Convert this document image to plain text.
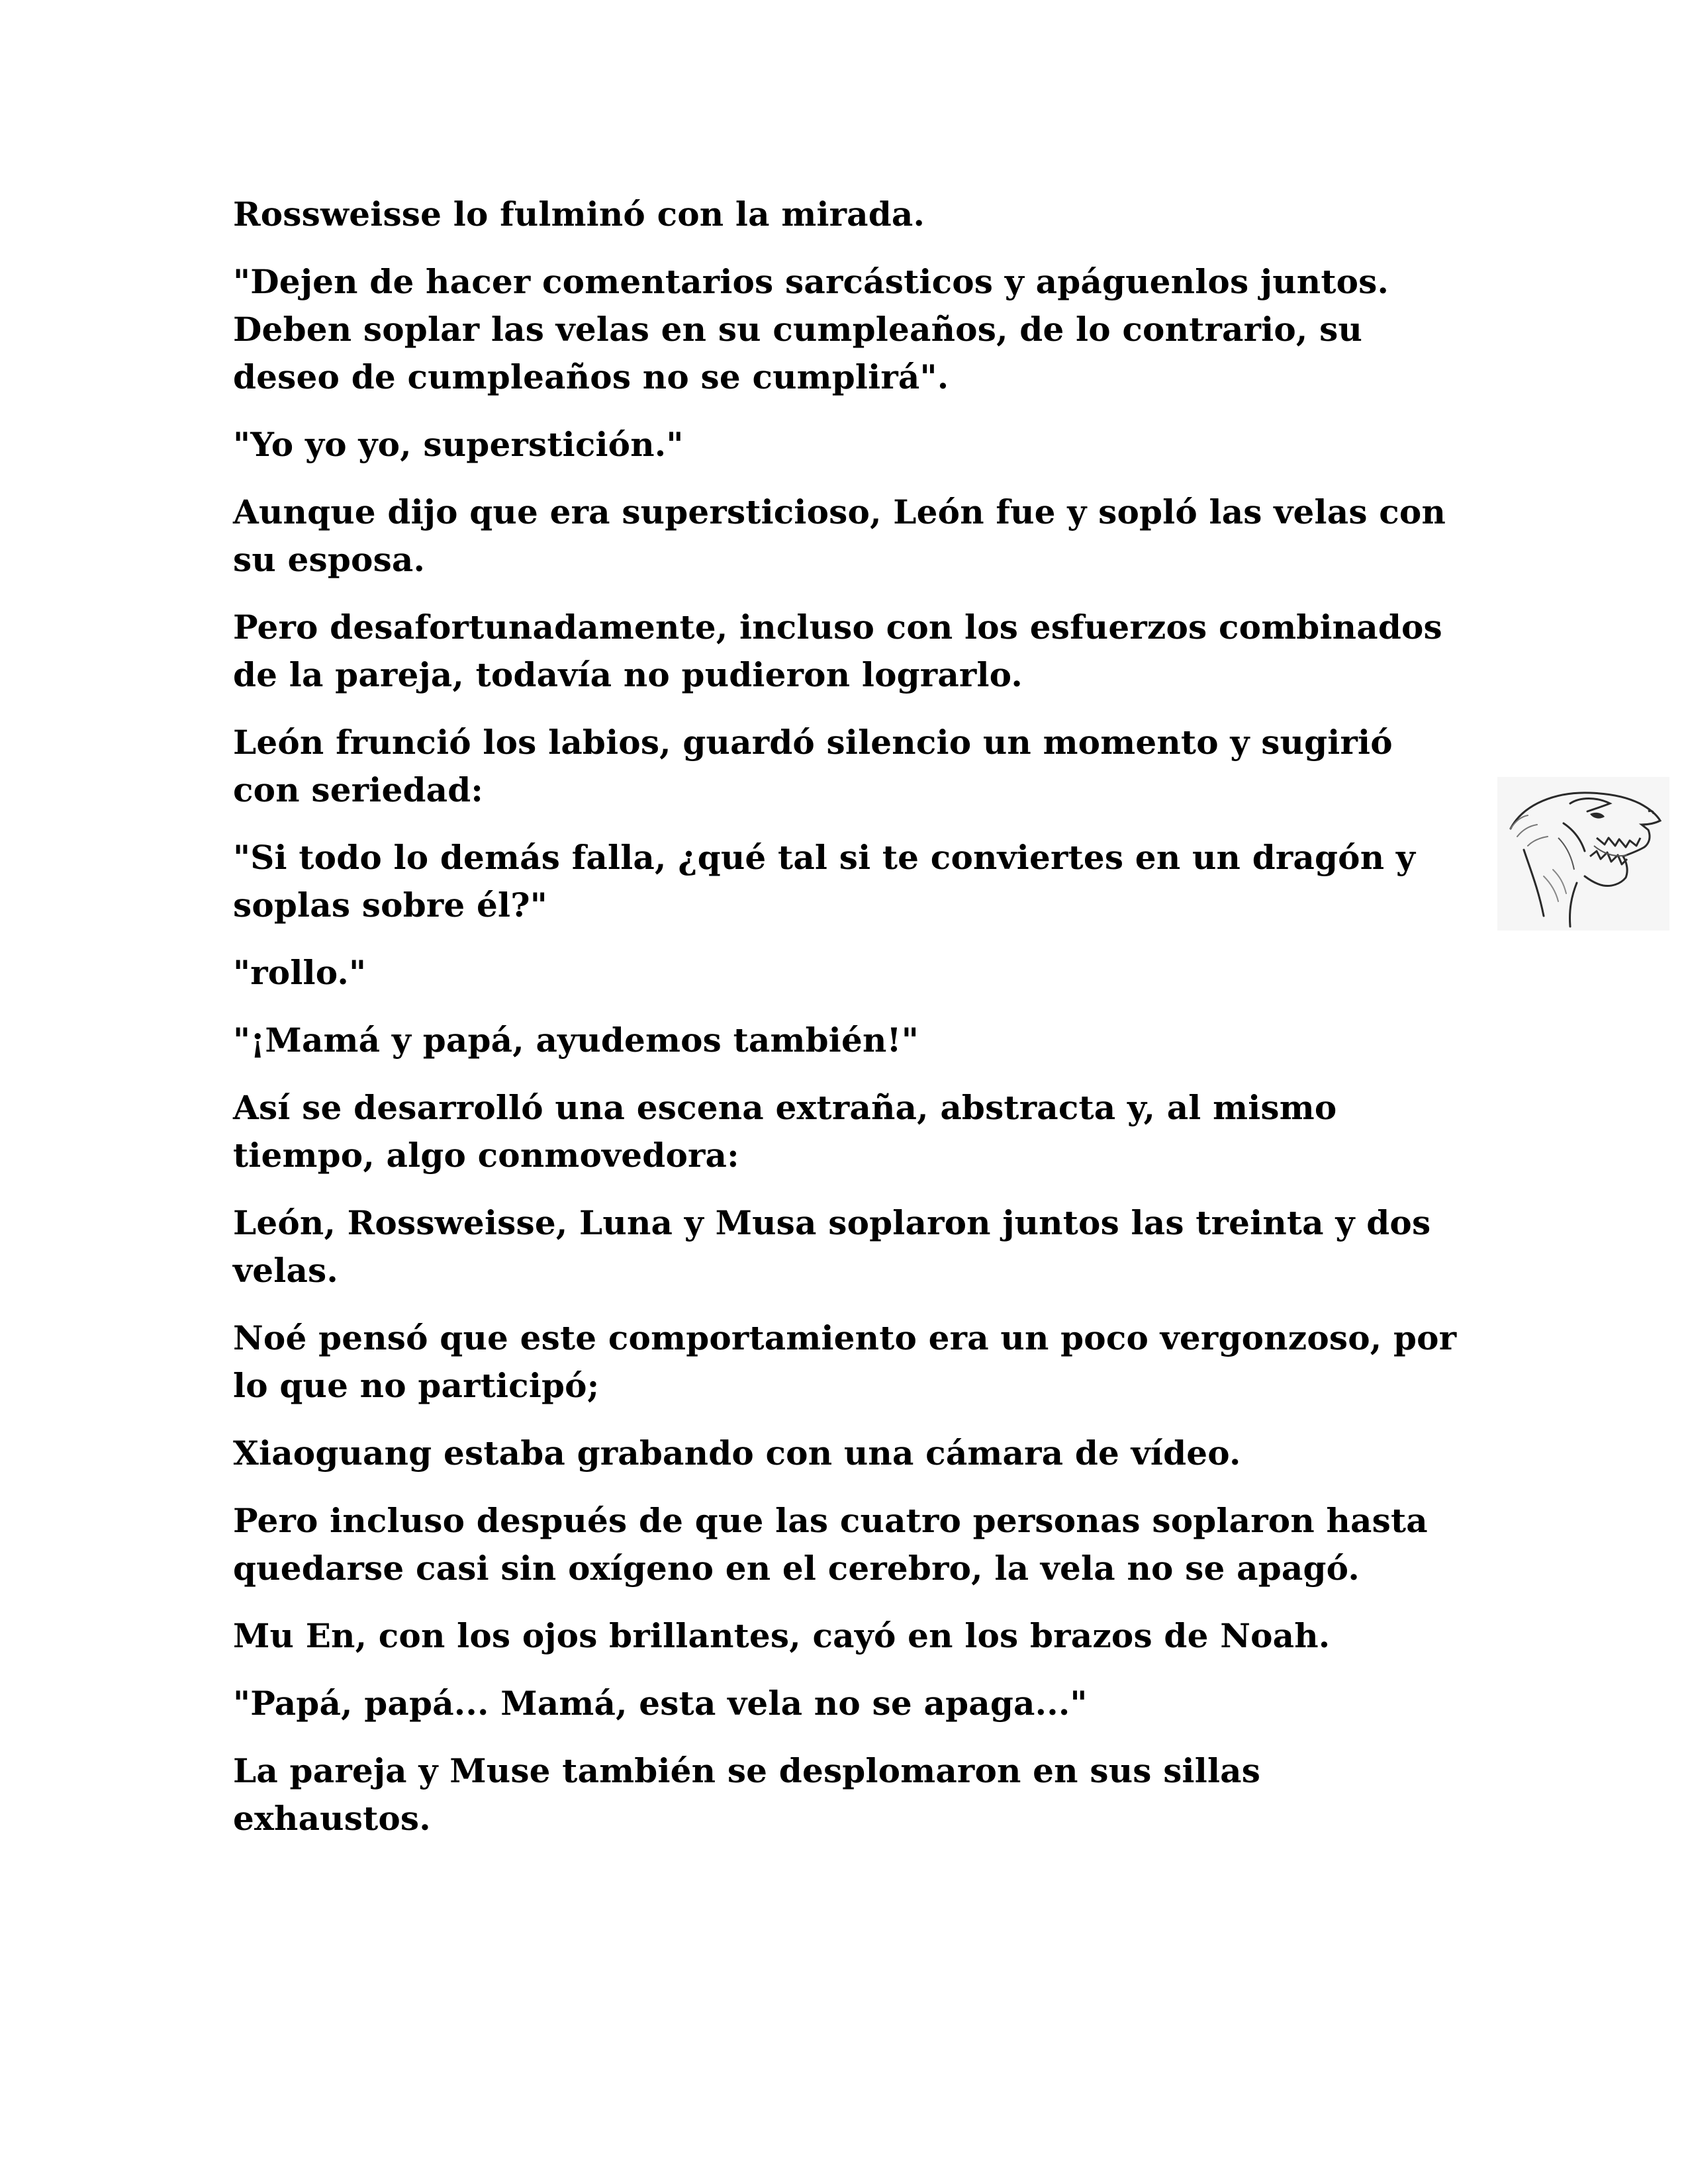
Rossweisse lo fulminó con la mirada.

"Dejen de hacer comentarios sarcásticos y apáguenlos juntos. Deben soplar las velas en su cumpleaños, de lo contrario, su deseo de cumpleaños no se cumplirá".

"Yo yo yo, superstición."

Aunque dijo que era supersticioso, León fue y sopló las velas con su esposa.

Pero desafortunadamente, incluso con los esfuerzos combinados de la pareja, todavía no pudieron lograrlo.

León frunció los labios, guardó silencio un momento y sugirió con seriedad:

"Si todo lo demás falla, ¿qué tal si te conviertes en un dragón y soplas sobre él?"

"rollo."

"¡Mamá y papá, ayudemos también!"

Así se desarrolló una escena extraña, abstracta y, al mismo tiempo, algo conmovedora:

León, Rossweisse, Luna y Musa soplaron juntos las treinta y dos velas.

Noé pensó que este comportamiento era un poco vergonzoso, por lo que no participó;

Xiaoguang estaba grabando con una cámara de vídeo.

Pero incluso después de que las cuatro personas soplaron hasta quedarse casi sin oxígeno en el cerebro, la vela no se apagó.

Mu En, con los ojos brillantes, cayó en los brazos de Noah.

"Papá, papá... Mamá, esta vela no se apaga..."

La pareja y Muse también se desplomaron en sus sillas exhaustos.
